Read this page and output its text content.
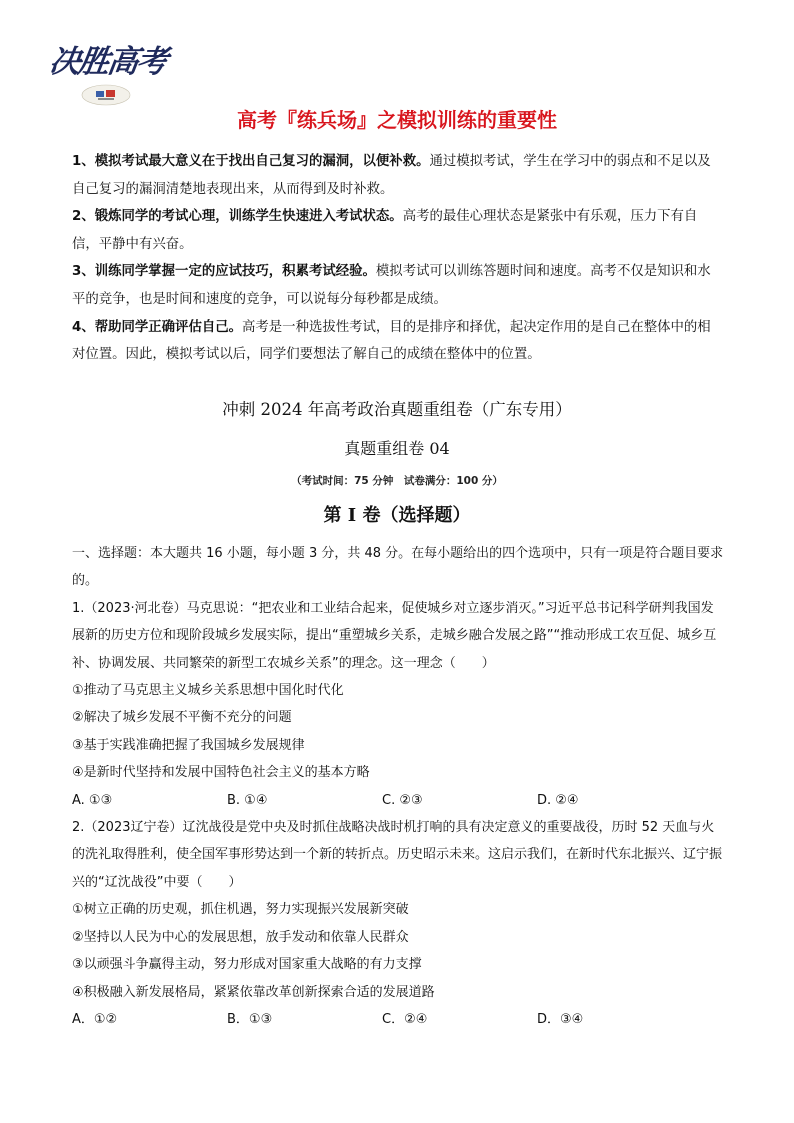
决胜高考
高考『练兵场』之模拟训练的重要性

1、模拟考试最大意义在于找出自己复习的漏洞，以便补救。通过模拟考试，学生在学习中的弱点和不足以及自己复习的漏洞清楚地表现出来，从而得到及时补救。

2、锻炼同学的考试心理，训练学生快速进入考试状态。高考的最佳心理状态是紧张中有乐观，压力下有自信，平静中有兴奋。

3、训练同学掌握一定的应试技巧，积累考试经验。模拟考试可以训练答题时间和速度。高考不仅是知识和水平的竞争，也是时间和速度的竞争，可以说每分每秒都是成绩。

4、帮助同学正确评估自己。高考是一种选拔性考试，目的是排序和择优，起决定作用的是自己在整体中的相对位置。因此，模拟考试以后，同学们要想法了解自己的成绩在整体中的位置。

冲刺 2024 年高考政治真题重组卷（广东专用）
真题重组卷 04
（考试时间：75 分钟　试卷满分：100 分）
第 I 卷（选择题）

一、选择题：本大题共 16 小题，每小题 3 分，共 48 分。在每小题给出的四个选项中，只有一项是符合题目要求的。

1.（2023·河北卷）马克思说：“把农业和工业结合起来，促使城乡对立逐步消灭。”习近平总书记科学研判我国发展新的历史方位和现阶段城乡发展实际，提出“重塑城乡关系，走城乡融合发展之路”“推动形成工农互促、城乡互补、协调发展、共同繁荣的新型工农城乡关系”的理念。这一理念（　　）

①推动了马克思主义城乡关系思想中国化时代化

②解决了城乡发展不平衡不充分的问题

③基于实践准确把握了我国城乡发展规律

④是新时代坚持和发展中国特色社会主义的基本方略

A. ①③	B. ①④	C. ②③	D. ②④

2.（2023辽宁卷）辽沈战役是党中央及时抓住战略决战时机打响的具有决定意义的重要战役，历时 52 天血与火的洗礼取得胜利，使全国军事形势达到一个新的转折点。历史昭示未来。这启示我们，在新时代东北振兴、辽宁振兴的“辽沈战役”中要（　　）

①树立正确的历史观，抓住机遇，努力实现振兴发展新突破

②坚持以人民为中心的发展思想，放手发动和依靠人民群众

③以顽强斗争赢得主动，努力形成对国家重大战略的有力支撑

④积极融入新发展格局，紧紧依靠改革创新探索合适的发展道路

A．①②	B．①③	C．②④	D．③④
